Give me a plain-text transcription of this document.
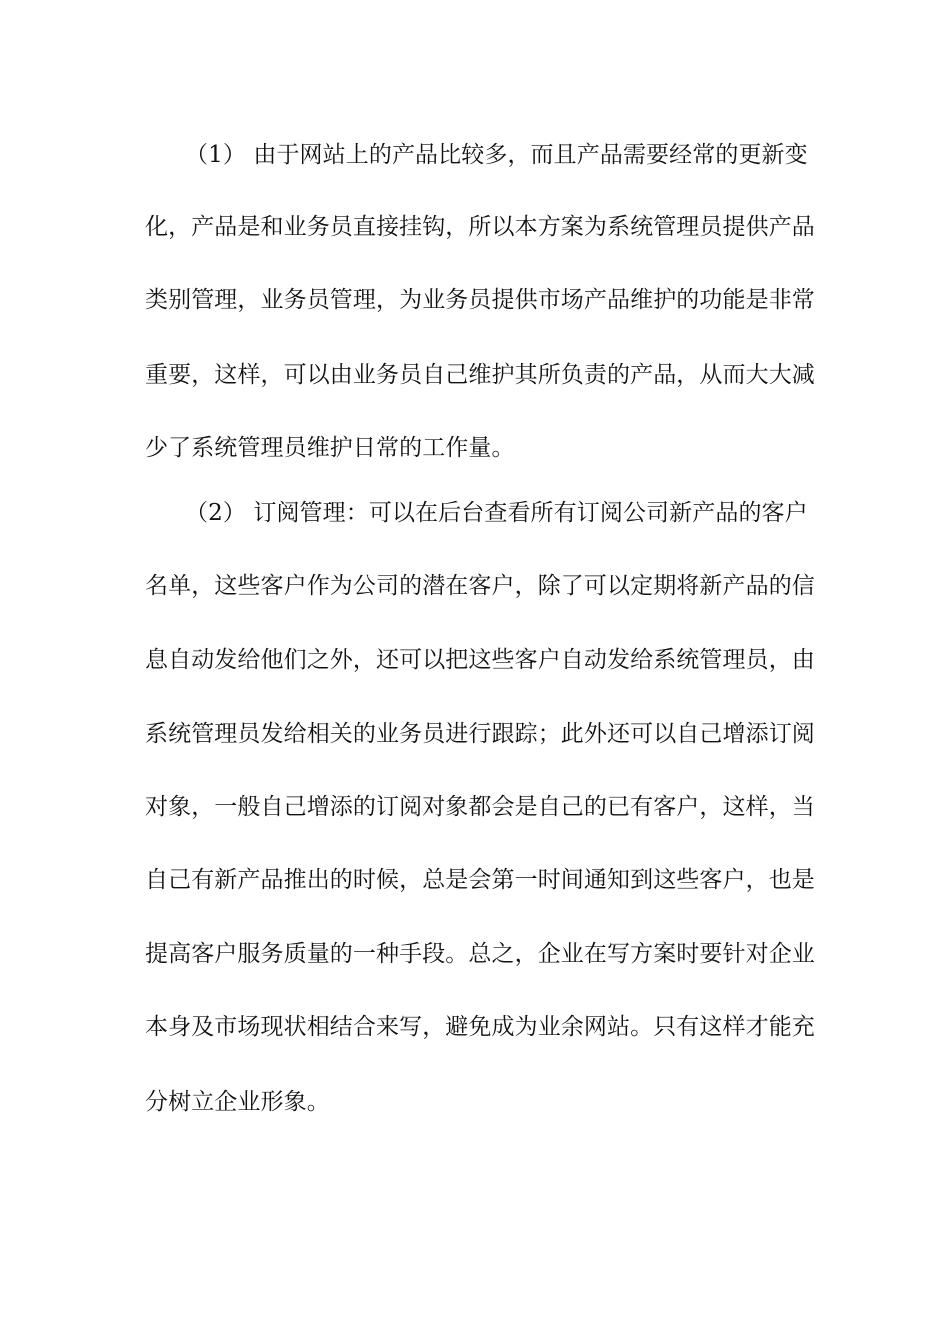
（1） 由于网站上的产品比较多，而且产品需要经常的更新变
化，产品是和业务员直接挂钩，所以本方案为系统管理员提供产品
类别管理，业务员管理，为业务员提供市场产品维护的功能是非常
重要，这样，可以由业务员自己维护其所负责的产品，从而大大减
少了系统管理员维护日常的工作量。
（2） 订阅管理：可以在后台查看所有订阅公司新产品的客户
名单，这些客户作为公司的潜在客户，除了可以定期将新产品的信
息自动发给他们之外，还可以把这些客户自动发给系统管理员，由
系统管理员发给相关的业务员进行跟踪；此外还可以自己增添订阅
对象，一般自己增添的订阅对象都会是自己的已有客户，这样，当
自己有新产品推出的时候，总是会第一时间通知到这些客户，也是
提高客户服务质量的一种手段。总之，企业在写方案时要针对企业
本身及市场现状相结合来写，避免成为业余网站。只有这样才能充
分树立企业形象。
